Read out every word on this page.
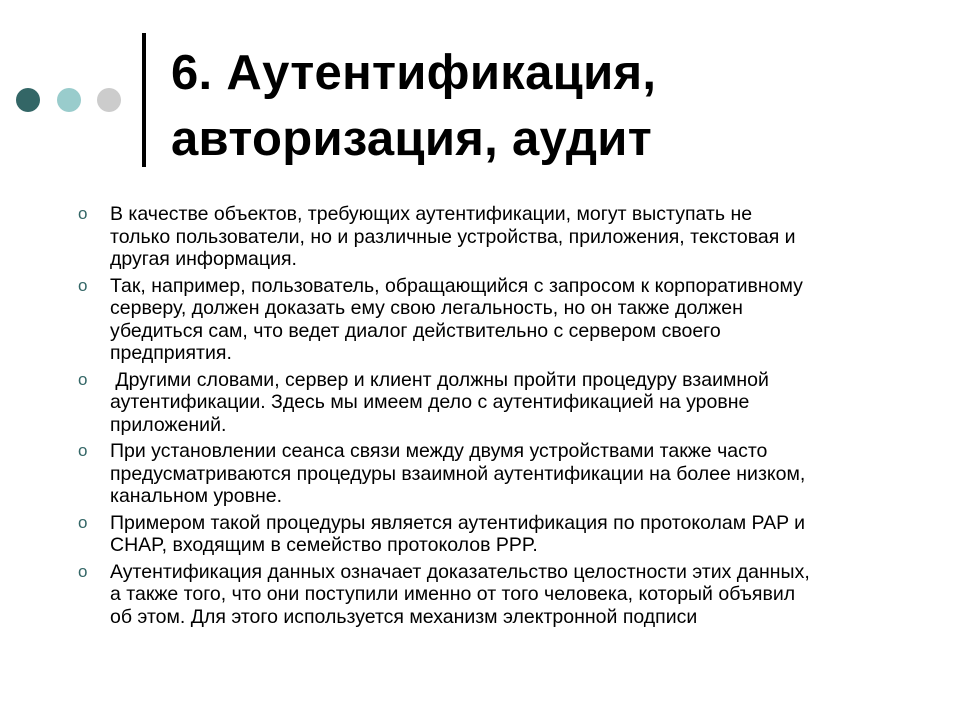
6. Аутентификация,
авторизация, аудит
o В качестве объектов, требующих аутентификации, могут выступать не
только пользователи, но и различные устройства, приложения, текстовая и
другая информация.
o Так, например, пользователь, обращающийся с запросом к корпоративному
серверу, должен доказать ему свою легальность, но он также должен
убедиться сам, что ведет диалог действительно с сервером своего
предприятия.
o Другими словами, сервер и клиент должны пройти процедуру взаимной
аутентификации. Здесь мы имеем дело с аутентификацией на уровне
приложений.
o При установлении сеанса связи между двумя устройствами также часто
предусматриваются процедуры взаимной аутентификации на более низком,
канальном уровне.
o Примером такой процедуры является аутентификация по протоколам PAP и
CHAP, входящим в семейство протоколов PPP.
o Аутентификация данных означает доказательство целостности этих данных,
а также того, что они поступили именно от того человека, который объявил
об этом. Для этого используется механизм электронной подписи
